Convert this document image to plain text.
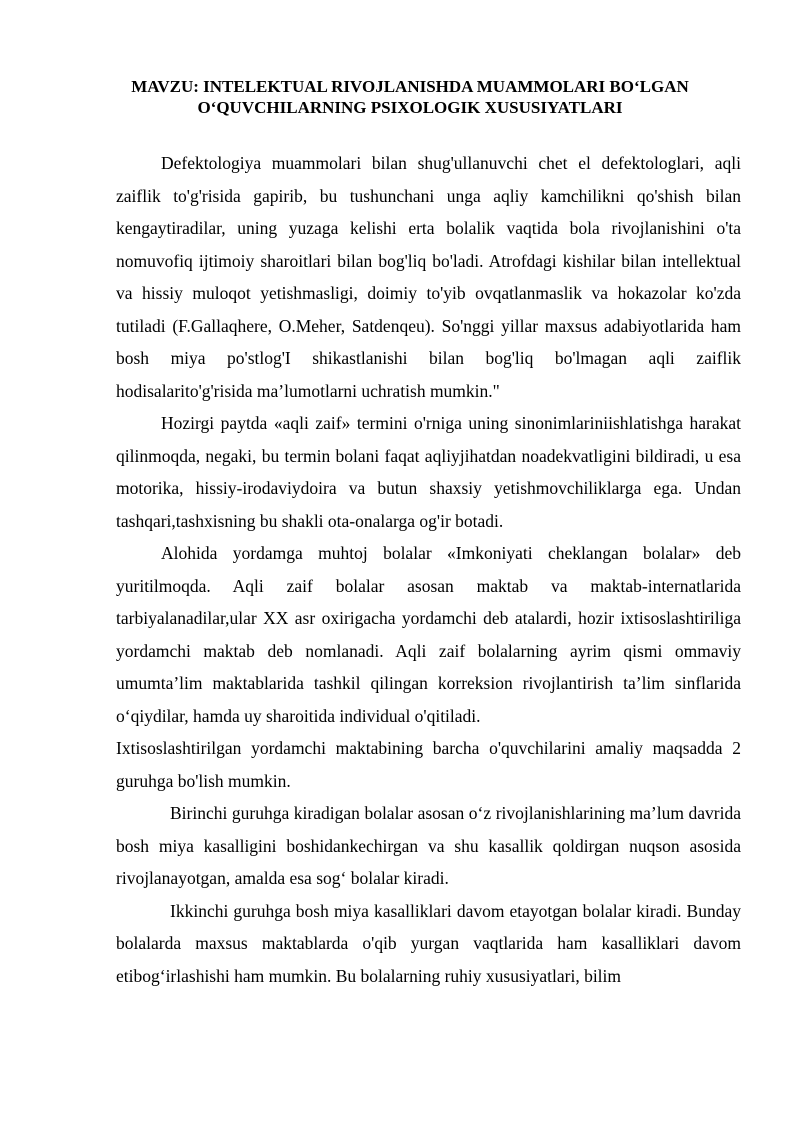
MAVZU: INTELEKTUAL RIVOJLANISHDA MUAMMOLARI BO‘LGAN
O‘QUVCHILARNING PSIXOLOGIK XUSUSIYATLARI

Defektologiya muammolari bilan shug'ullanuvchi chet el defektologlari, aqli zaiflik to'g'risida gapirib, bu tushunchani unga aqliy kamchilikni qo'shish bilan kengaytiradilar, uning yuzaga kelishi erta bolalik vaqtida bola rivojlanishini o'ta nomuvofiq ijtimoiy sharoitlari bilan bog'liq bo'ladi. Atrofdagi kishilar bilan intellektual va hissiy muloqot yetishmasligi, doimiy to'yib ovqatlanmaslik va hokazolar ko'zda tutiladi (F.Gallaqhere, O.Meher, Satdenqeu). So'nggi yillar maxsus adabiyotlarida ham bosh miya po'stlog'I shikastlanishi bilan bog'liq bo'lmagan aqli zaiflik hodisalarito'g'risida ma’lumotlarni uchratish mumkin."

Hozirgi paytda «aqli zaif» termini o'rniga uning sinonimlariniishlatishga harakat qilinmoqda, negaki, bu termin bolani faqat aqliyjihatdan noadekvatligini bildiradi, u esa motorika, hissiy-irodaviydoira va butun shaxsiy yetishmovchiliklarga ega. Undan tashqari,tashxisning bu shakli ota-onalarga og'ir botadi.

Alohida yordamga muhtoj bolalar «Imkoniyati cheklangan bolalar» deb yuritilmoqda. Aqli zaif bolalar asosan maktab va maktab-internatlarida tarbiyalanadilar,ular XX asr oxirigacha yordamchi deb atalardi, hozir ixtisoslashtiriliga yordamchi maktab deb nomlanadi. Aqli zaif bolalarning ayrim qismi ommaviy umumta’lim maktablarida tashkil qilingan korreksion rivojlantirish ta’lim sinflarida o‘qiydilar, hamda uy sharoitida individual o'qitiladi.

Ixtisoslashtirilgan yordamchi maktabining barcha o'quvchilarini amaliy maqsadda 2 guruhga bo'lish mumkin.

Birinchi guruhga kiradigan bolalar asosan o‘z rivojlanishlarining ma’lum davrida bosh miya kasalligini boshidankechirgan va shu kasallik qoldirgan nuqson asosida rivojlanayotgan, amalda esa sog‘ bolalar kiradi.

Ikkinchi guruhga bosh miya kasalliklari davom etayotgan bolalar kiradi. Bunday bolalarda maxsus maktablarda o'qib yurgan vaqtlarida ham kasalliklari davom etibog‘irlashishi ham mumkin. Bu bolalarning ruhiy xususiyatlari, bilim
